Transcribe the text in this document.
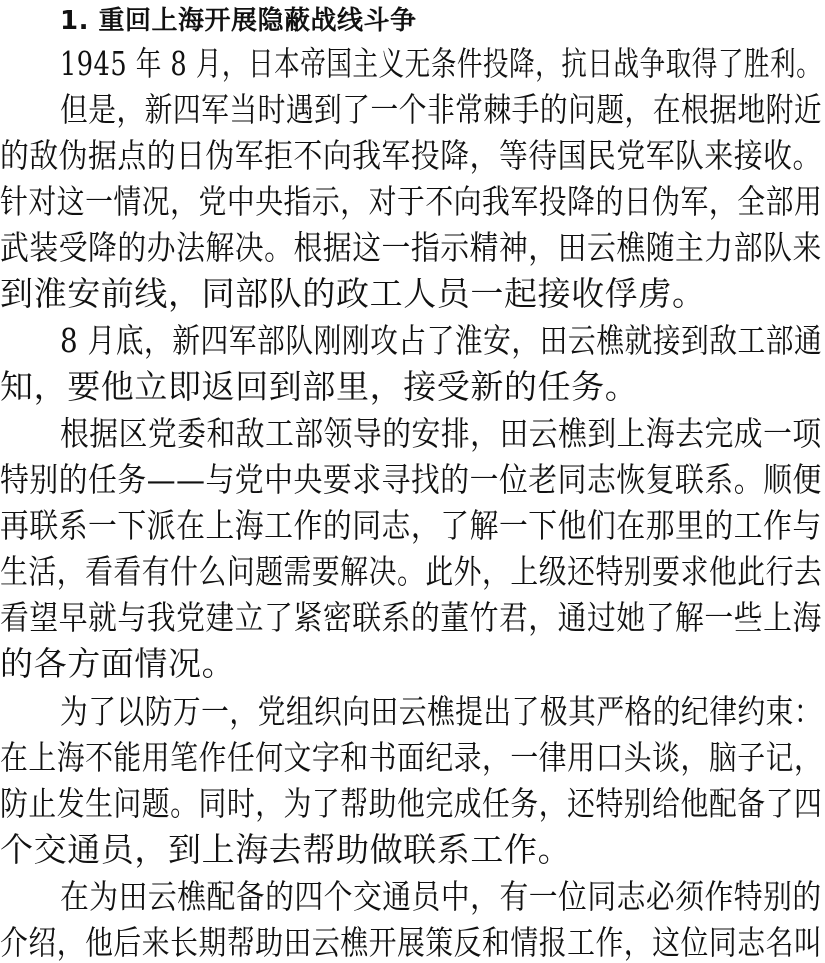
1. 重回上海开展隐蔽战线斗争
1945 年 8 月，日本帝国主义无条件投降，抗日战争取得了胜利。
但是，新四军当时遇到了一个非常棘手的问题，在根据地附近
的敌伪据点的日伪军拒不向我军投降，等待国民党军队来接收。
针对这一情况，党中央指示，对于不向我军投降的日伪军，全部用
武装受降的办法解决。根据这一指示精神，田云樵随主力部队来
到淮安前线，同部队的政工人员一起接收俘虏。
8 月底，新四军部队刚刚攻占了淮安，田云樵就接到敌工部通
知，要他立即返回到部里，接受新的任务。
根据区党委和敌工部领导的安排，田云樵到上海去完成一项
特别的任务——与党中央要求寻找的一位老同志恢复联系。顺便
再联系一下派在上海工作的同志，了解一下他们在那里的工作与
生活，看看有什么问题需要解决。此外，上级还特别要求他此行去
看望早就与我党建立了紧密联系的董竹君，通过她了解一些上海
的各方面情况。
为了以防万一，党组织向田云樵提出了极其严格的纪律约束：
在上海不能用笔作任何文字和书面纪录，一律用口头谈，脑子记，
防止发生问题。同时，为了帮助他完成任务，还特别给他配备了四
个交通员，到上海去帮助做联系工作。
在为田云樵配备的四个交通员中，有一位同志必须作特别的
介绍，他后来长期帮助田云樵开展策反和情报工作，这位同志名叫
